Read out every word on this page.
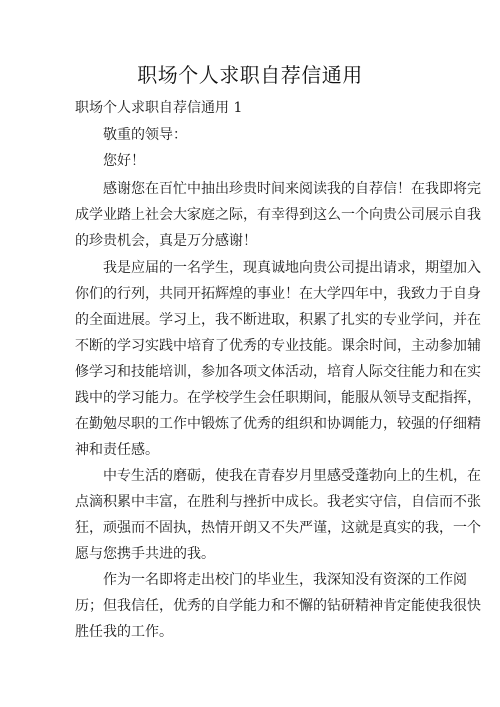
职场个人求职自荐信通用
职场个人求职自荐信通用 1
敬重的领导：
您好！
感谢您在百忙中抽出珍贵时间来阅读我的自荐信！在我即将完
成学业踏上社会大家庭之际，有幸得到这么一个向贵公司展示自我
的珍贵机会，真是万分感谢！
我是应届的一名学生，现真诚地向贵公司提出请求，期望加入
你们的行列，共同开拓辉煌的事业！在大学四年中，我致力于自身
的全面进展。学习上，我不断进取，积累了扎实的专业学问，并在
不断的学习实践中培育了优秀的专业技能。课余时间，主动参加辅
修学习和技能培训，参加各项文体活动，培育人际交往能力和在实
践中的学习能力。在学校学生会任职期间，能服从领导支配指挥，
在勤勉尽职的工作中锻炼了优秀的组织和协调能力，较强的仔细精
神和责任感。
中专生活的磨砺，使我在青春岁月里感受蓬勃向上的生机，在
点滴积累中丰富，在胜利与挫折中成长。我老实守信，自信而不张
狂，顽强而不固执，热情开朗又不失严谨，这就是真实的我，一个
愿与您携手共进的我。
作为一名即将走出校门的毕业生，我深知没有资深的工作阅
历；但我信任，优秀的自学能力和不懈的钻研精神肯定能使我很快
胜任我的工作。
